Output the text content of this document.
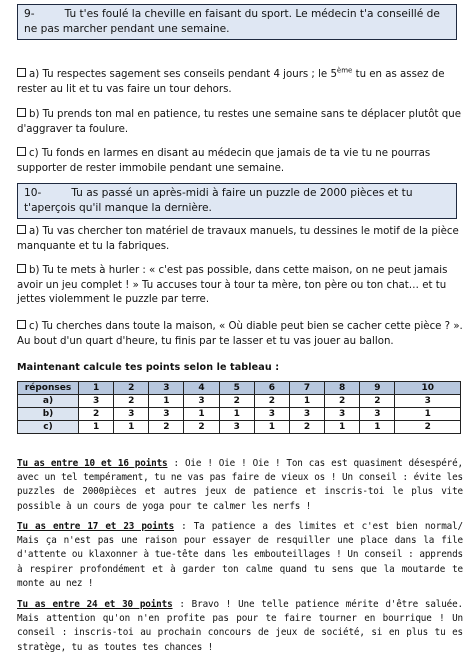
9-	Tu t'es foulé la cheville en faisant du sport. Le médecin t'a conseillé de ne pas marcher pendant une semaine.
a) Tu respectes sagement ses conseils pendant 4 jours ; le 5ème tu en as assez de rester au lit et tu vas faire un tour dehors.
b) Tu prends ton mal en patience, tu restes une semaine sans te déplacer plutôt que d'aggraver ta foulure.
c) Tu fonds en larmes en disant au médecin que jamais de ta vie tu ne pourras supporter de rester immobile pendant une semaine.
10-	Tu as passé un après-midi à faire un puzzle de 2000 pièces et tu t'aperçois qu'il manque la dernière.
a) Tu vas chercher ton matériel de travaux manuels, tu dessines le motif de la pièce manquante et tu la fabriques.
b) Tu te mets à hurler : « c'est pas possible, dans cette maison, on ne peut jamais avoir un jeu complet ! » Tu accuses tour à tour ta mère, ton père ou ton chat… et tu jettes violemment le puzzle par terre.
c) Tu cherches dans toute la maison, « Où diable peut bien se cacher cette pièce ? ». Au bout d'un quart d'heure, tu finis par te lasser et tu vas jouer au ballon.
Maintenant calcule tes points selon le tableau :
réponses	1	2	3	4	5	6	7	8	9	10
a)	3	2	1	3	2	2	1	2	2	3
b)	2	3	3	1	1	3	3	3	3	1
c)	1	1	2	2	3	1	2	1	1	2
Tu as entre 10 et 16 points : Oie ! Oie ! Oie ! Ton cas est quasiment désespéré, avec un tel tempérament, tu ne vas pas faire de vieux os ! Un conseil : évite les puzzles de 2000pièces et autres jeux de patience et inscris-toi le plus vite possible à un cours de yoga pour te calmer les nerfs !
Tu as entre 17 et 23 points : Ta patience a des limites et c'est bien normal/ Mais ça n'est pas une raison pour essayer de resquiller une place dans la file d'attente ou klaxonner à tue-tête dans les embouteillages ! Un conseil : apprends à respirer profondément et à garder ton calme quand tu sens que la moutarde te monte au nez !
Tu as entre 24 et 30 points : Bravo ! Une telle patience mérite d'être saluée. Mais attention qu'on n'en profite pas pour te faire tourner en bourrique ! Un conseil : inscris-toi au prochain concours de jeux de société, si en plus tu es stratège, tu as toutes tes chances !
